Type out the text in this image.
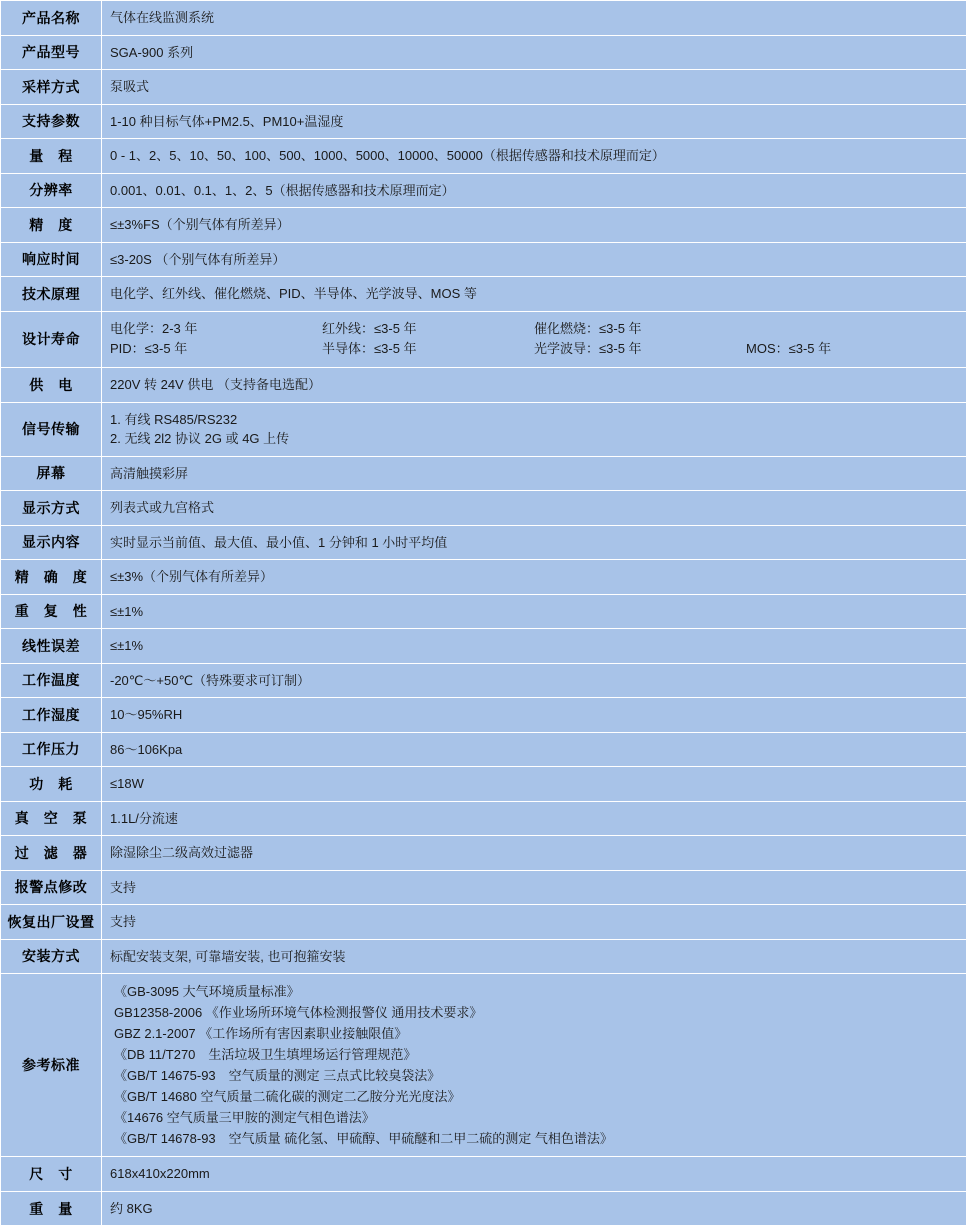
产品名称	气体在线监测系统

产品型号	SGA-900 系列

采样方式	泵吸式

支持参数	1-10 种目标气体+PM2.5、PM10+温湿度

量　程	0 - 1、2、5、10、50、100、500、1000、5000、10000、50000（根据传感器和技术原理而定）

分辨率	0.001、0.01、0.1、1、2、5（根据传感器和技术原理而定）

精　度	≤±3%FS（个别气体有所差异）

响应时间	≤3-20S （个别气体有所差异）

技术原理	电化学、红外线、催化燃烧、PID、半导体、光学波导、MOS 等

设计寿命	
电化学：2-3 年	红外线：≤3-5 年	催化燃烧：≤3-5 年
PID：≤3-5 年	半导体：≤3-5 年	光学波导：≤3-5 年	MOS：≤3-5 年

供　电	220V 转 24V 供电 （支持备电选配）

信号传输	1. 有线 RS485/RS232
2. 无线 2l2 协议 2G 或 4G 上传

屏幕	高清触摸彩屏

显示方式	列表式或九宫格式

显示内容	实时显示当前值、最大值、最小值、1 分钟和 1 小时平均值

精　确　度	≤±3%（个别气体有所差异）

重　复　性	≤±1%

线性误差	≤±1%

工作温度	-20℃～+50℃（特殊要求可订制）

工作湿度	10～95%RH

工作压力	86～106Kpa

功　耗	≤18W

真　空　泵	1.1L/分流速

过　滤　器	除湿除尘二级高效过滤器

报警点修改	支持

恢复出厂设置	支持

安装方式	标配安装支架, 可靠墙安装, 也可抱箍安装

参考标准	
《GB-3095 大气环境质量标准》
GB12358-2006 《作业场所环境气体检测报警仪 通用技术要求》
GBZ 2.1-2007 《工作场所有害因素职业接触限值》
《DB 11/T270　生活垃圾卫生填埋场运行管理规范》
《GB/T 14675-93　空气质量的测定 三点式比较臭袋法》
《GB/T 14680 空气质量二硫化碳的测定二乙胺分光光度法》
《14676 空气质量三甲胺的测定气相色谱法》
《GB/T 14678-93　空气质量 硫化氢、甲硫醇、甲硫醚和二甲二硫的测定 气相色谱法》

尺　寸	618x410x220mm

重　量	约 8KG
